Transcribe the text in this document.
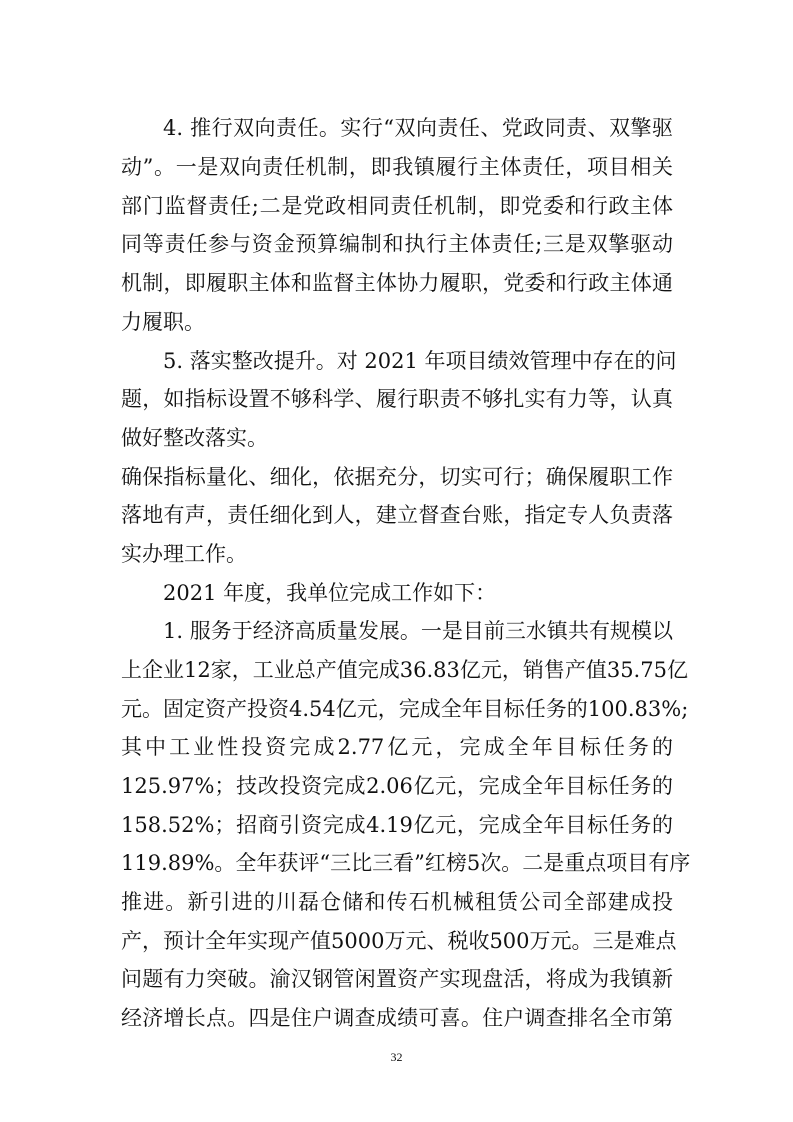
4. 推行双向责任。实行“双向责任、党政同责、双擎驱
动”。一是双向责任机制，即我镇履行主体责任，项目相关
部门监督责任;二是党政相同责任机制，即党委和行政主体
同等责任参与资金预算编制和执行主体责任;三是双擎驱动
机制，即履职主体和监督主体协力履职，党委和行政主体通
力履职。
5. 落实整改提升。对 2021 年项目绩效管理中存在的问
题，如指标设置不够科学、履行职责不够扎实有力等，认真
做好整改落实。
确保指标量化、细化，依据充分，切实可行；确保履职工作
落地有声，责任细化到人，建立督查台账，指定专人负责落
实办理工作。
2021 年度，我单位完成工作如下：
1. 服务于经济高质量发展。一是目前三水镇共有规模以
上企业12家，工业总产值完成36.83亿元，销售产值35.75亿
元。固定资产投资4.54亿元，完成全年目标任务的100.83%;
其中工业性投资完成2.77亿元，完成全年目标任务的
125.97%；技改投资完成2.06亿元，完成全年目标任务的
158.52%；招商引资完成4.19亿元，完成全年目标任务的
119.89%。全年获评“三比三看”红榜5次。二是重点项目有序
推进。新引进的川磊仓储和传石机械租赁公司全部建成投
产，预计全年实现产值5000万元、税收500万元。三是难点
问题有力突破。渝汉钢管闲置资产实现盘活，将成为我镇新
经济增长点。四是住户调查成绩可喜。住户调查排名全市第
32
